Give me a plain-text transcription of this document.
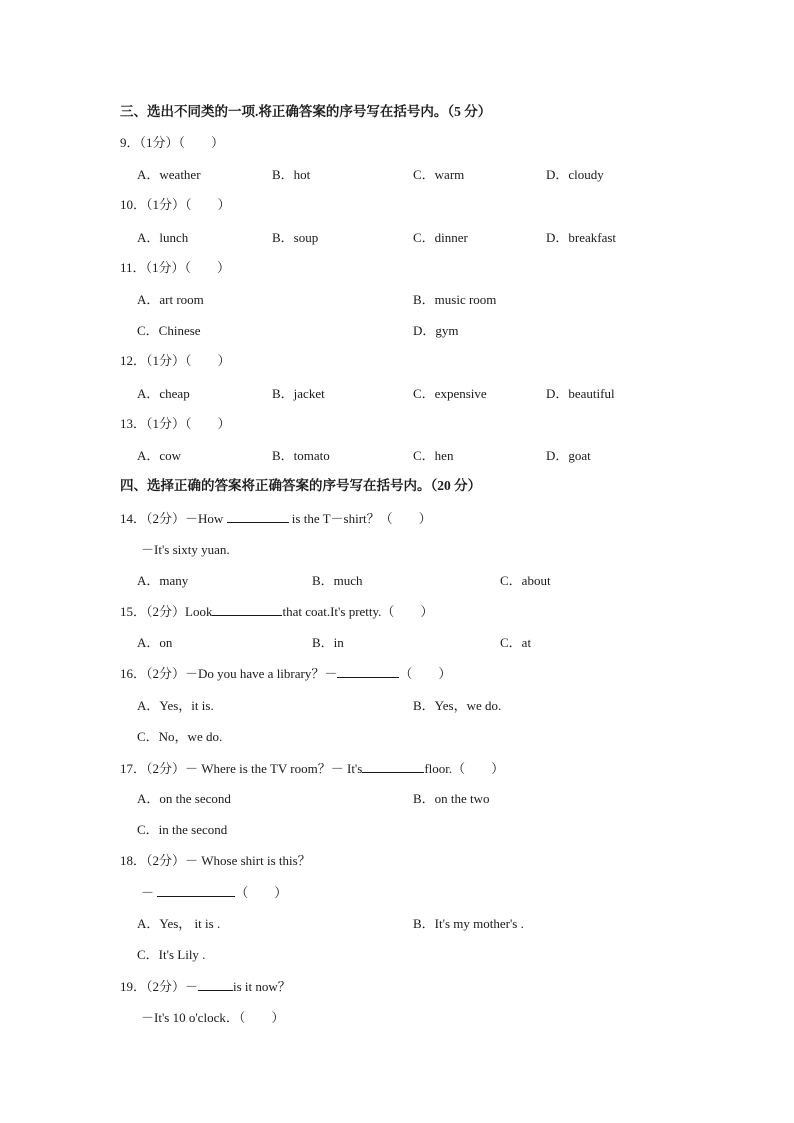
三、选出不同类的一项.将正确答案的序号写在括号内。（5 分）
9．（1分）（　　）
A．weather	B．hot	C．warm	D．cloudy
10．（1分）（　　）
A．lunch	B．soup	C．dinner	D．breakfast
11．（1分）（　　）
A．art room	B．music room
C．Chinese	D．gym
12．（1分）（　　）
A．cheap	B．jacket	C．expensive	D．beautiful
13．（1分）（　　）
A．cow	B．tomato	C．hen	D．goat
四、选择正确的答案将正确答案的序号写在括号内。（20 分）
14．（2分）－How	is the T－shirt？（　　）
－It's sixty yuan.
A．many	B．much	C．about
15．（2分）Look	that coat.It's pretty.（　　）
A．on	B．in	C．at
16．（2分）－Do you have a library？－	（　　）
A．Yes，it is.	B．Yes，we do.
C．No，we do.
17．（2分）－ Where is the TV room？－ It's	floor.（　　）
A．on the second	B．on the two
C．in the second
18．（2分）－ Whose shirt is this？
－	（　　）
A．Yes， it is .	B．It's my mother's .
C．It's Lily .
19．（2分）－	is it now？
－It's 10 o'clock．（　　）
